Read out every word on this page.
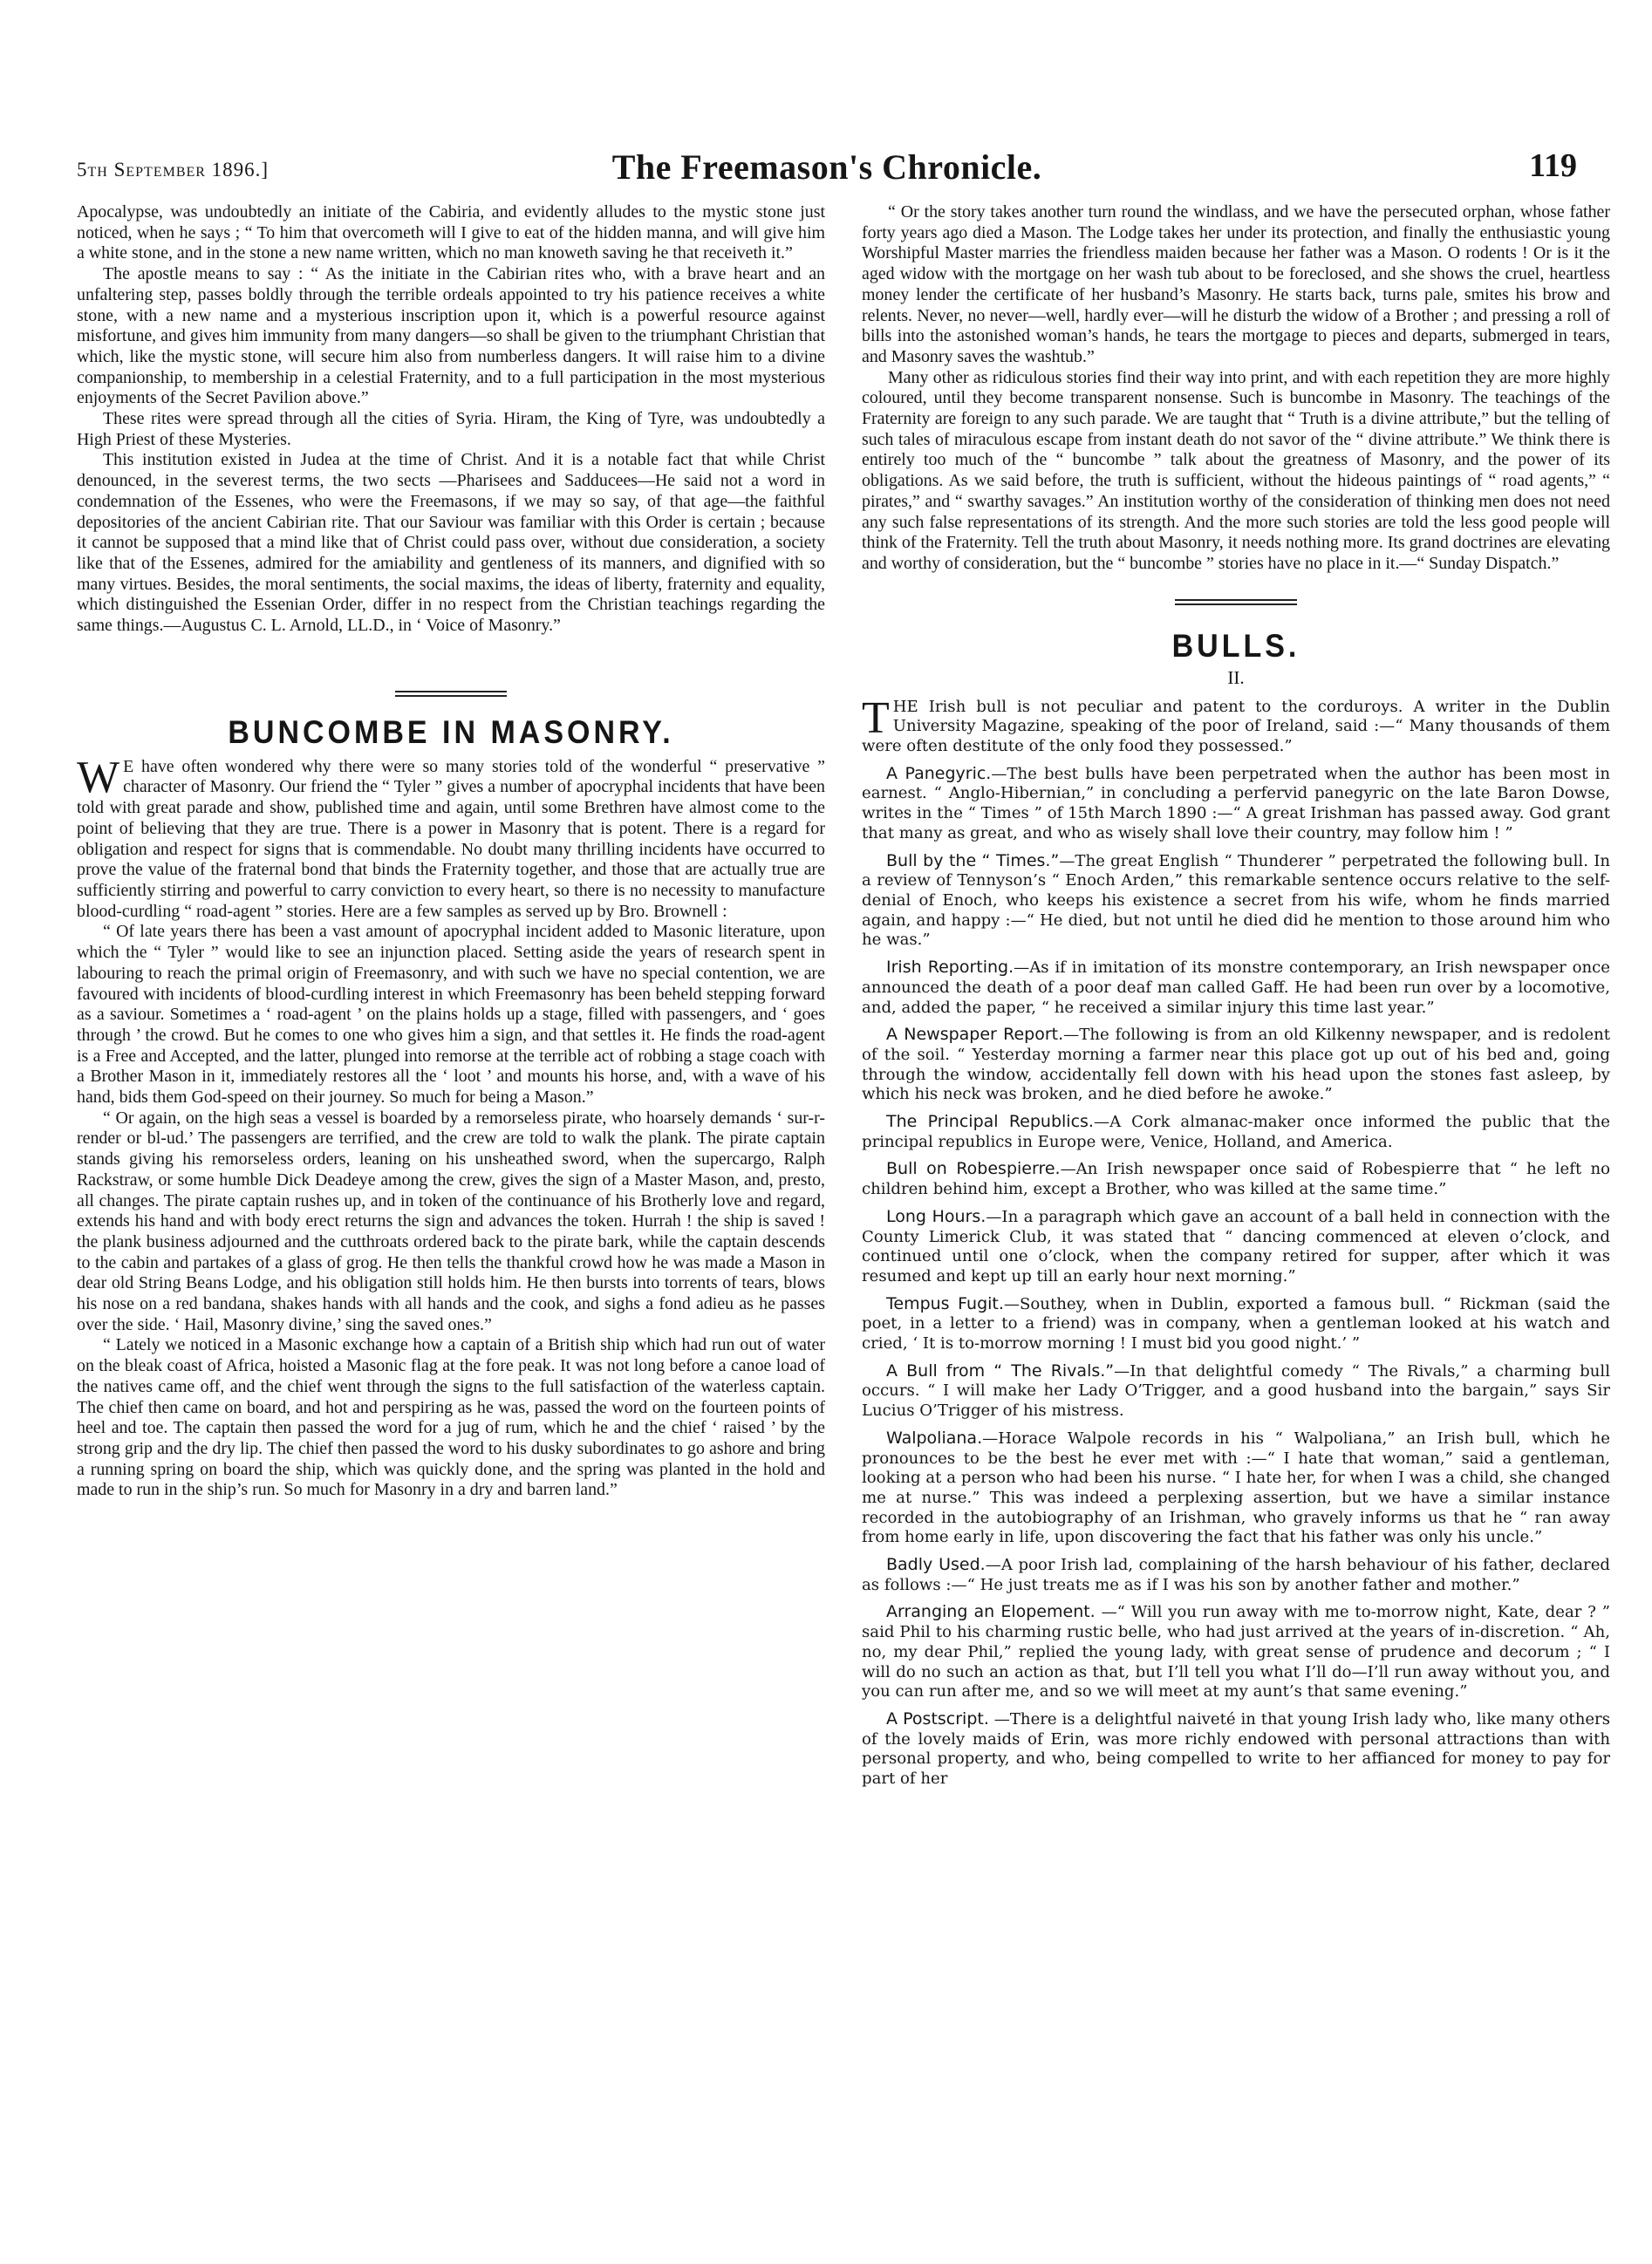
5th September 1896.]	The Freemason's Chronicle.	119

Apocalypse, was undoubtedly an initiate of the Cabiria, and evidently alludes to the mystic stone just noticed, when he says ; “ To him that overcometh will I give to eat of the hidden manna, and will give him a white stone, and in the stone a new name written, which no man knoweth saving he that receiveth it.”

The apostle means to say : “ As the initiate in the Cabirian rites who, with a brave heart and an unfaltering step, passes boldly through the terrible ordeals appointed to try his patience receives a white stone, with a new name and a mysterious inscription upon it, which is a powerful resource against misfortune, and gives him immunity from many dangers—so shall be given to the triumphant Christian that which, like the mystic stone, will secure him also from numberless dangers. It will raise him to a divine companionship, to membership in a celestial Fraternity, and to a full participation in the most mysterious enjoyments of the Secret Pavilion above.”

These rites were spread through all the cities of Syria. Hiram, the King of Tyre, was undoubtedly a High Priest of these Mysteries.

This institution existed in Judea at the time of Christ. And it is a notable fact that while Christ denounced, in the severest terms, the two sects —Pharisees and Sadducees—He said not a word in condemnation of the Essenes, who were the Freemasons, if we may so say, of that age—the faithful depositories of the ancient Cabirian rite. That our Saviour was familiar with this Order is certain ; because it cannot be supposed that a mind like that of Christ could pass over, without due consideration, a society like that of the Essenes, admired for the amiability and gentleness of its manners, and dignified with so many virtues. Besides, the moral sentiments, the social maxims, the ideas of liberty, fraternity and equality, which distinguished the Essenian Order, differ in no respect from the Christian teachings regarding the same things.—Augustus C. L. Arnold, LL.D., in ‘ Voice of Masonry.”

BUNCOMBE IN MASONRY.

W E have often wondered why there were so many stories told of the wonderful “ preservative ” character of Masonry. Our friend the “ Tyler ” gives a number of apocryphal incidents that have been told with great parade and show, published time and again, until some Brethren have almost come to the point of believing that they are true. There is a power in Masonry that is potent. There is a regard for obligation and respect for signs that is commendable. No doubt many thrilling incidents have occurred to prove the value of the fraternal bond that binds the Fraternity together, and those that are actually true are sufficiently stirring and powerful to carry conviction to every heart, so there is no necessity to manufacture blood-curdling “ road-agent ” stories. Here are a few samples as served up by Bro. Brownell :

“ Of late years there has been a vast amount of apocryphal incident added to Masonic literature, upon which the “ Tyler ” would like to see an injunction placed. Setting aside the years of research spent in labouring to reach the primal origin of Freemasonry, and with such we have no special contention, we are favoured with incidents of blood-curdling interest in which Freemasonry has been beheld stepping forward as a saviour. Sometimes a ‘ road-agent ’ on the plains holds up a stage, filled with passengers, and ‘ goes through ’ the crowd. But he comes to one who gives him a sign, and that settles it. He finds the road-agent is a Free and Accepted, and the latter, plunged into remorse at the terrible act of robbing a stage coach with a Brother Mason in it, immediately restores all the ‘ loot ’ and mounts his horse, and, with a wave of his hand, bids them God-speed on their journey. So much for being a Mason.”

“ Or again, on the high seas a vessel is boarded by a remorseless pirate, who hoarsely demands ‘ sur-r-render or bl-ud.’ The passengers are terrified, and the crew are told to walk the plank. The pirate captain stands giving his remorseless orders, leaning on his unsheathed sword, when the supercargo, Ralph Rackstraw, or some humble Dick Deadeye among the crew, gives the sign of a Master Mason, and, presto, all changes. The pirate captain rushes up, and in token of the continuance of his Brotherly love and regard, extends his hand and with body erect returns the sign and advances the token. Hurrah ! the ship is saved ! the plank business adjourned and the cutthroats ordered back to the pirate bark, while the captain descends to the cabin and partakes of a glass of grog. He then tells the thankful crowd how he was made a Mason in dear old String Beans Lodge, and his obligation still holds him. He then bursts into torrents of tears, blows his nose on a red bandana, shakes hands with all hands and the cook, and sighs a fond adieu as he passes over the side. ‘ Hail, Masonry divine,’ sing the saved ones.”

“ Lately we noticed in a Masonic exchange how a captain of a British ship which had run out of water on the bleak coast of Africa, hoisted a Masonic flag at the fore peak. It was not long before a canoe load of the natives came off, and the chief went through the signs to the full satisfaction of the waterless captain. The chief then came on board, and hot and perspiring as he was, passed the word on the fourteen points of heel and toe. The captain then passed the word for a jug of rum, which he and the chief ‘ raised ’ by the strong grip and the dry lip. The chief then passed the word to his dusky subordinates to go ashore and bring a running spring on board the ship, which was quickly done, and the spring was planted in the hold and made to run in the ship’s run. So much for Masonry in a dry and barren land.”

“ Or the story takes another turn round the windlass, and we have the persecuted orphan, whose father forty years ago died a Mason. The Lodge takes her under its protection, and finally the enthusiastic young Worshipful Master marries the friendless maiden because her father was a Mason. O rodents ! Or is it the aged widow with the mortgage on her wash tub about to be foreclosed, and she shows the cruel, heartless money lender the certificate of her husband’s Masonry. He starts back, turns pale, smites his brow and relents. Never, no never—well, hardly ever—will he disturb the widow of a Brother ; and pressing a roll of bills into the astonished woman’s hands, he tears the mortgage to pieces and departs, submerged in tears, and Masonry saves the washtub.”

Many other as ridiculous stories find their way into print, and with each repetition they are more highly coloured, until they become transparent nonsense. Such is buncombe in Masonry. The teachings of the Fraternity are foreign to any such parade. We are taught that “ Truth is a divine attribute,” but the telling of such tales of miraculous escape from instant death do not savor of the “ divine attribute.” We think there is entirely too much of the “ buncombe ” talk about the greatness of Masonry, and the power of its obligations. As we said before, the truth is sufficient, without the hideous paintings of “ road agents,” “ pirates,” and “ swarthy savages.” An institution worthy of the consideration of thinking men does not need any such false representations of its strength. And the more such stories are told the less good people will think of the Fraternity. Tell the truth about Masonry, it needs nothing more. Its grand doctrines are elevating and worthy of consideration, but the “ buncombe ” stories have no place in it.—“ Sunday Dispatch.”

BULLS.
II.

THE Irish bull is not peculiar and patent to the corduroys. A writer in the Dublin University Magazine, speaking of the poor of Ireland, said :—“ Many thousands of them were often destitute of the only food they possessed.”

A Panegyric.—The best bulls have been perpetrated when the author has been most in earnest. “ Anglo-Hibernian,” in concluding a perfervid panegyric on the late Baron Dowse, writes in the “ Times ” of 15th March 1890 :—“ A great Irishman has passed away. God grant that many as great, and who as wisely shall love their country, may follow him ! ”

Bull by the “ Times.”—The great English “ Thunderer ” perpetrated the following bull. In a review of Tennyson’s “ Enoch Arden,” this remarkable sentence occurs relative to the self-denial of Enoch, who keeps his existence a secret from his wife, whom he finds married again, and happy :—“ He died, but not until he died did he mention to those around him who he was.”

Irish Reporting.—As if in imitation of its monstre contemporary, an Irish newspaper once announced the death of a poor deaf man called Gaff. He had been run over by a locomotive, and, added the paper, “ he received a similar injury this time last year.”

A Newspaper Report.—The following is from an old Kilkenny newspaper, and is redolent of the soil. “ Yesterday morning a farmer near this place got up out of his bed and, going through the window, accidentally fell down with his head upon the stones fast asleep, by which his neck was broken, and he died before he awoke.”

The Principal Republics.—A Cork almanac-maker once informed the public that the principal republics in Europe were, Venice, Holland, and America.

Bull on Robespierre.—An Irish newspaper once said of Robespierre that “ he left no children behind him, except a Brother, who was killed at the same time.”

Long Hours.—In a paragraph which gave an account of a ball held in connection with the County Limerick Club, it was stated that “ dancing commenced at eleven o’clock, and continued until one o’clock, when the company retired for supper, after which it was resumed and kept up till an early hour next morning.”

Tempus Fugit.—Southey, when in Dublin, exported a famous bull. “ Rickman (said the poet, in a letter to a friend) was in company, when a gentleman looked at his watch and cried, ‘ It is to-morrow morning ! I must bid you good night.’ ”

A Bull from “ The Rivals.”—In that delightful comedy “ The Rivals,” a charming bull occurs. “ I will make her Lady O’Trigger, and a good husband into the bargain,” says Sir Lucius O’Trigger of his mistress.

Walpoliana.—Horace Walpole records in his “ Walpoliana,” an Irish bull, which he pronounces to be the best he ever met with :—“ I hate that woman,” said a gentleman, looking at a person who had been his nurse. “ I hate her, for when I was a child, she changed me at nurse.” This was indeed a perplexing assertion, but we have a similar instance recorded in the autobiography of an Irishman, who gravely informs us that he “ ran away from home early in life, upon discovering the fact that his father was only his uncle.”

Badly Used.—A poor Irish lad, complaining of the harsh behaviour of his father, declared as follows :—“ He just treats me as if I was his son by another father and mother.”

Arranging an Elopement. —“ Will you run away with me to-morrow night, Kate, dear ? ” said Phil to his charming rustic belle, who had just arrived at the years of in-discretion. “ Ah, no, my dear Phil,” replied the young lady, with great sense of prudence and decorum ; “ I will do no such an action as that, but I’ll tell you what I’ll do—I’ll run away without you, and you can run after me, and so we will meet at my aunt’s that same evening.”

A Postscript. —There is a delightful naiveté in that young Irish lady who, like many others of the lovely maids of Erin, was more richly endowed with personal attractions than with personal property, and who, being compelled to write to her affianced for money to pay for part of her
